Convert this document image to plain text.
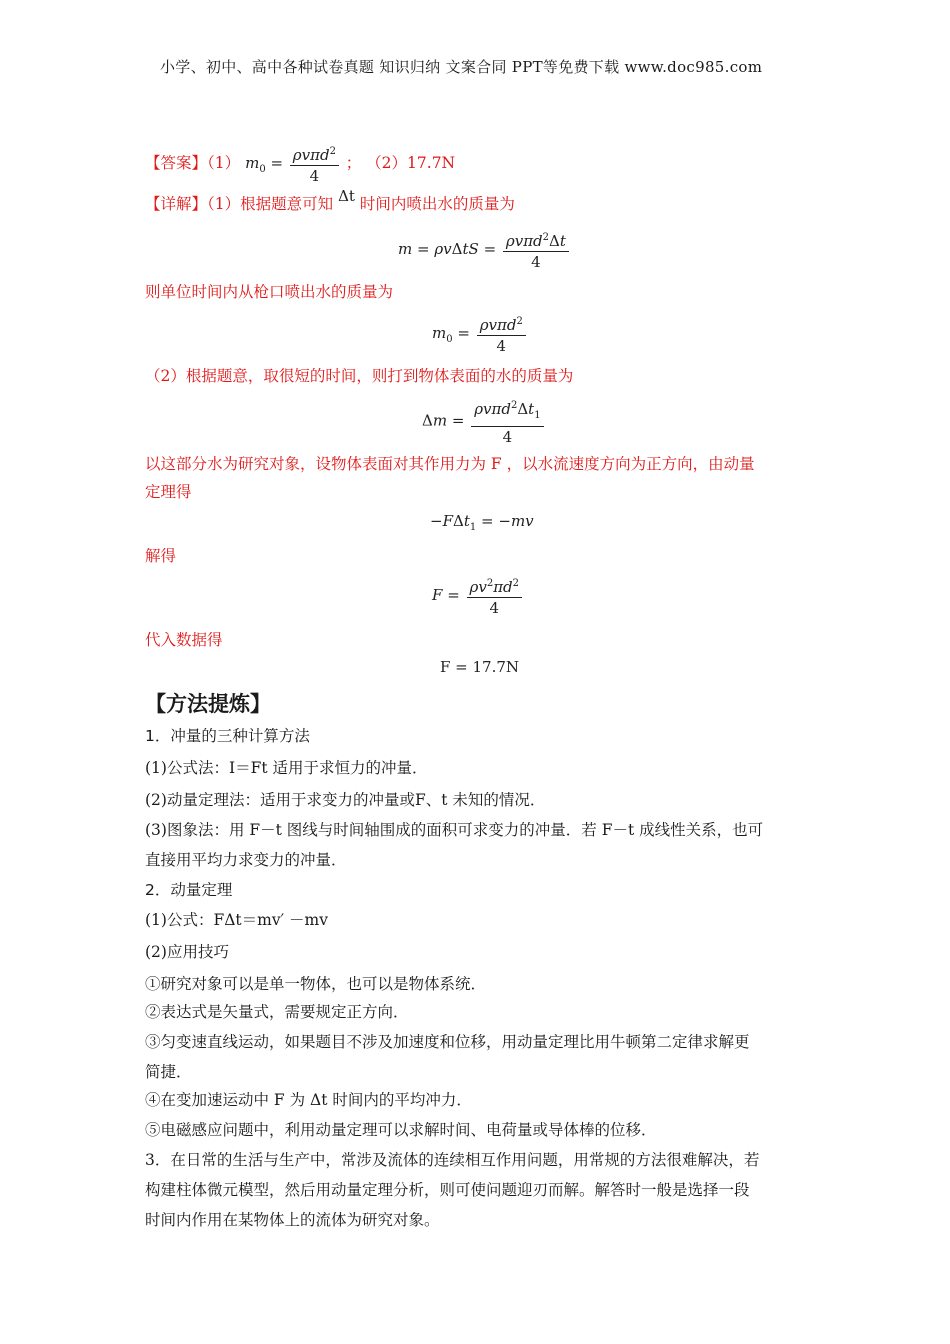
小学、初中、高中各种试卷真题 知识归纳 文案合同 PPT等免费下载 www.doc985.com
【答案】（1） $m_0 = \frac{\rho v\pi d^2}{4}$ ； （2）17.7N
【详解】（1）根据题意可知 Δt 时间内喷出水的质量为
$m = \rho v\Delta tS = \frac{\rho v\pi d^2\Delta t}{4}$
则单位时间内从枪口喷出水的质量为
$m_0 = \frac{\rho v\pi d^2}{4}$
（2）根据题意，取很短的时间，则打到物体表面的水的质量为
$\Delta m = \frac{\rho v\pi d^2\Delta t_1}{4}$
以这部分水为研究对象，设物体表面对其作用力为 F ，以水流速度方向为正方向，由动量
定理得
−FΔt$_1$ = −mv
解得
$F = \frac{\rho v^2\pi d^2}{4}$
代入数据得
F = 17.7N
【方法提炼】
1．冲量的三种计算方法
(1)公式法：I＝Ft 适用于求恒力的冲量．
(2)动量定理法：适用于求变力的冲量或F、t 未知的情况．
(3)图象法：用 F－t 图线与时间轴围成的面积可求变力的冲量．若 F－t 成线性关系，也可
直接用平均力求变力的冲量．
2．动量定理
(1)公式：FΔt＝mv′ －mv
(2)应用技巧
①研究对象可以是单一物体，也可以是物体系统．
②表达式是矢量式，需要规定正方向．
③匀变速直线运动，如果题目不涉及加速度和位移，用动量定理比用牛顿第二定律求解更
简捷．
④在变加速运动中 F 为 Δt 时间内的平均冲力．
⑤电磁感应问题中，利用动量定理可以求解时间、电荷量或导体棒的位移．
3．在日常的生活与生产中，常涉及流体的连续相互作用问题，用常规的方法很难解决，若
构建柱体微元模型，然后用动量定理分析，则可使问题迎刃而解。解答时一般是选择一段
时间内作用在某物体上的流体为研究对象。
